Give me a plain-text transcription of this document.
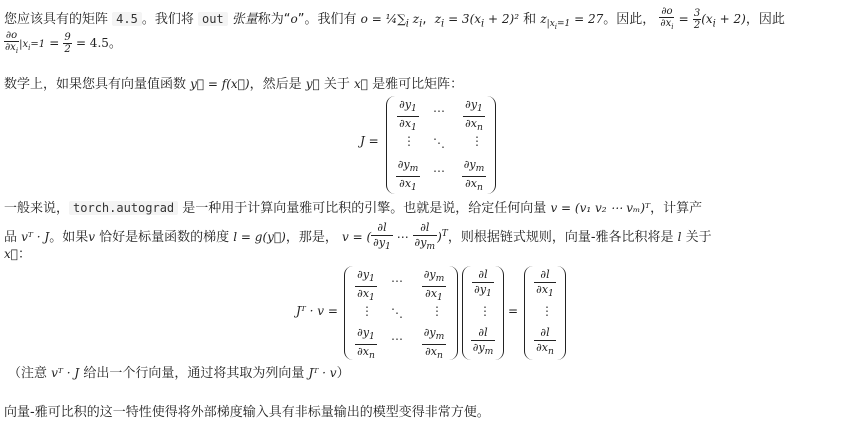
您应该具有的矩阵 4.5 。我们将 out 张量称为“o”。我们有 $o = \frac{1}{4}\sum_i$ $z_i$,  $z_i = 3(x_i + 2)^2$ 和 $z_{|x_i=1} = 27$。因此， $\frac{\partial o}{\partial x_i} = \frac{3}{2} (x_i + 2)$，因此
$\frac{\partial o}{\partial x_i} |x_i=1 = \frac{9}{2} = 4.5$。
数学上，如果您具有向量值函数 y⃗ = f(x⃗)，然后是 y⃗ 关于 x⃗ 是雅可比矩阵：
J =
$\frac{\partial y_1}{\partial x_1}$ ⋯ $\frac{\partial y_1}{\partial x_n}$
⋮ ⋱ ⋮
$\frac{\partial y_m}{\partial x_1}$ ⋯ $\frac{\partial y_m}{\partial x_n}$
一般来说， torch.autograd 是一种用于计算向量雅可比积的引擎。也就是说，给定任何向量 v = (v₁ v₂ ⋯ vₘ)ᵀ，计算产
品 vᵀ · J。如果v 恰好是标量函数的梯度 l = g(y⃗)，那是， v = ( $\frac{\partial l}{\partial y_1}$ ⋯ $\frac{\partial l}{\partial y_m} )^T$，则根据链式规则，向量-雅各比积将是 l 关于
x⃗：
Jᵀ · v =
$\frac{\partial y_1}{\partial x_1}$ ⋯ $\frac{\partial y_m}{\partial x_1}$
⋮ ⋱ ⋮
$\frac{\partial y_1}{\partial x_n}$ ⋯ $\frac{\partial y_m}{\partial x_n}$
$\frac{\partial l}{\partial y_1}$
⋮
$\frac{\partial l}{\partial y_m}$
=
$\frac{\partial l}{\partial x_1}$
⋮
$\frac{\partial l}{\partial x_n}$
（注意 vᵀ · J 给出一个行向量，通过将其取为列向量 Jᵀ · v）
向量-雅可比积的这一特性使得将外部梯度输入具有非标量输出的模型变得非常方便。
